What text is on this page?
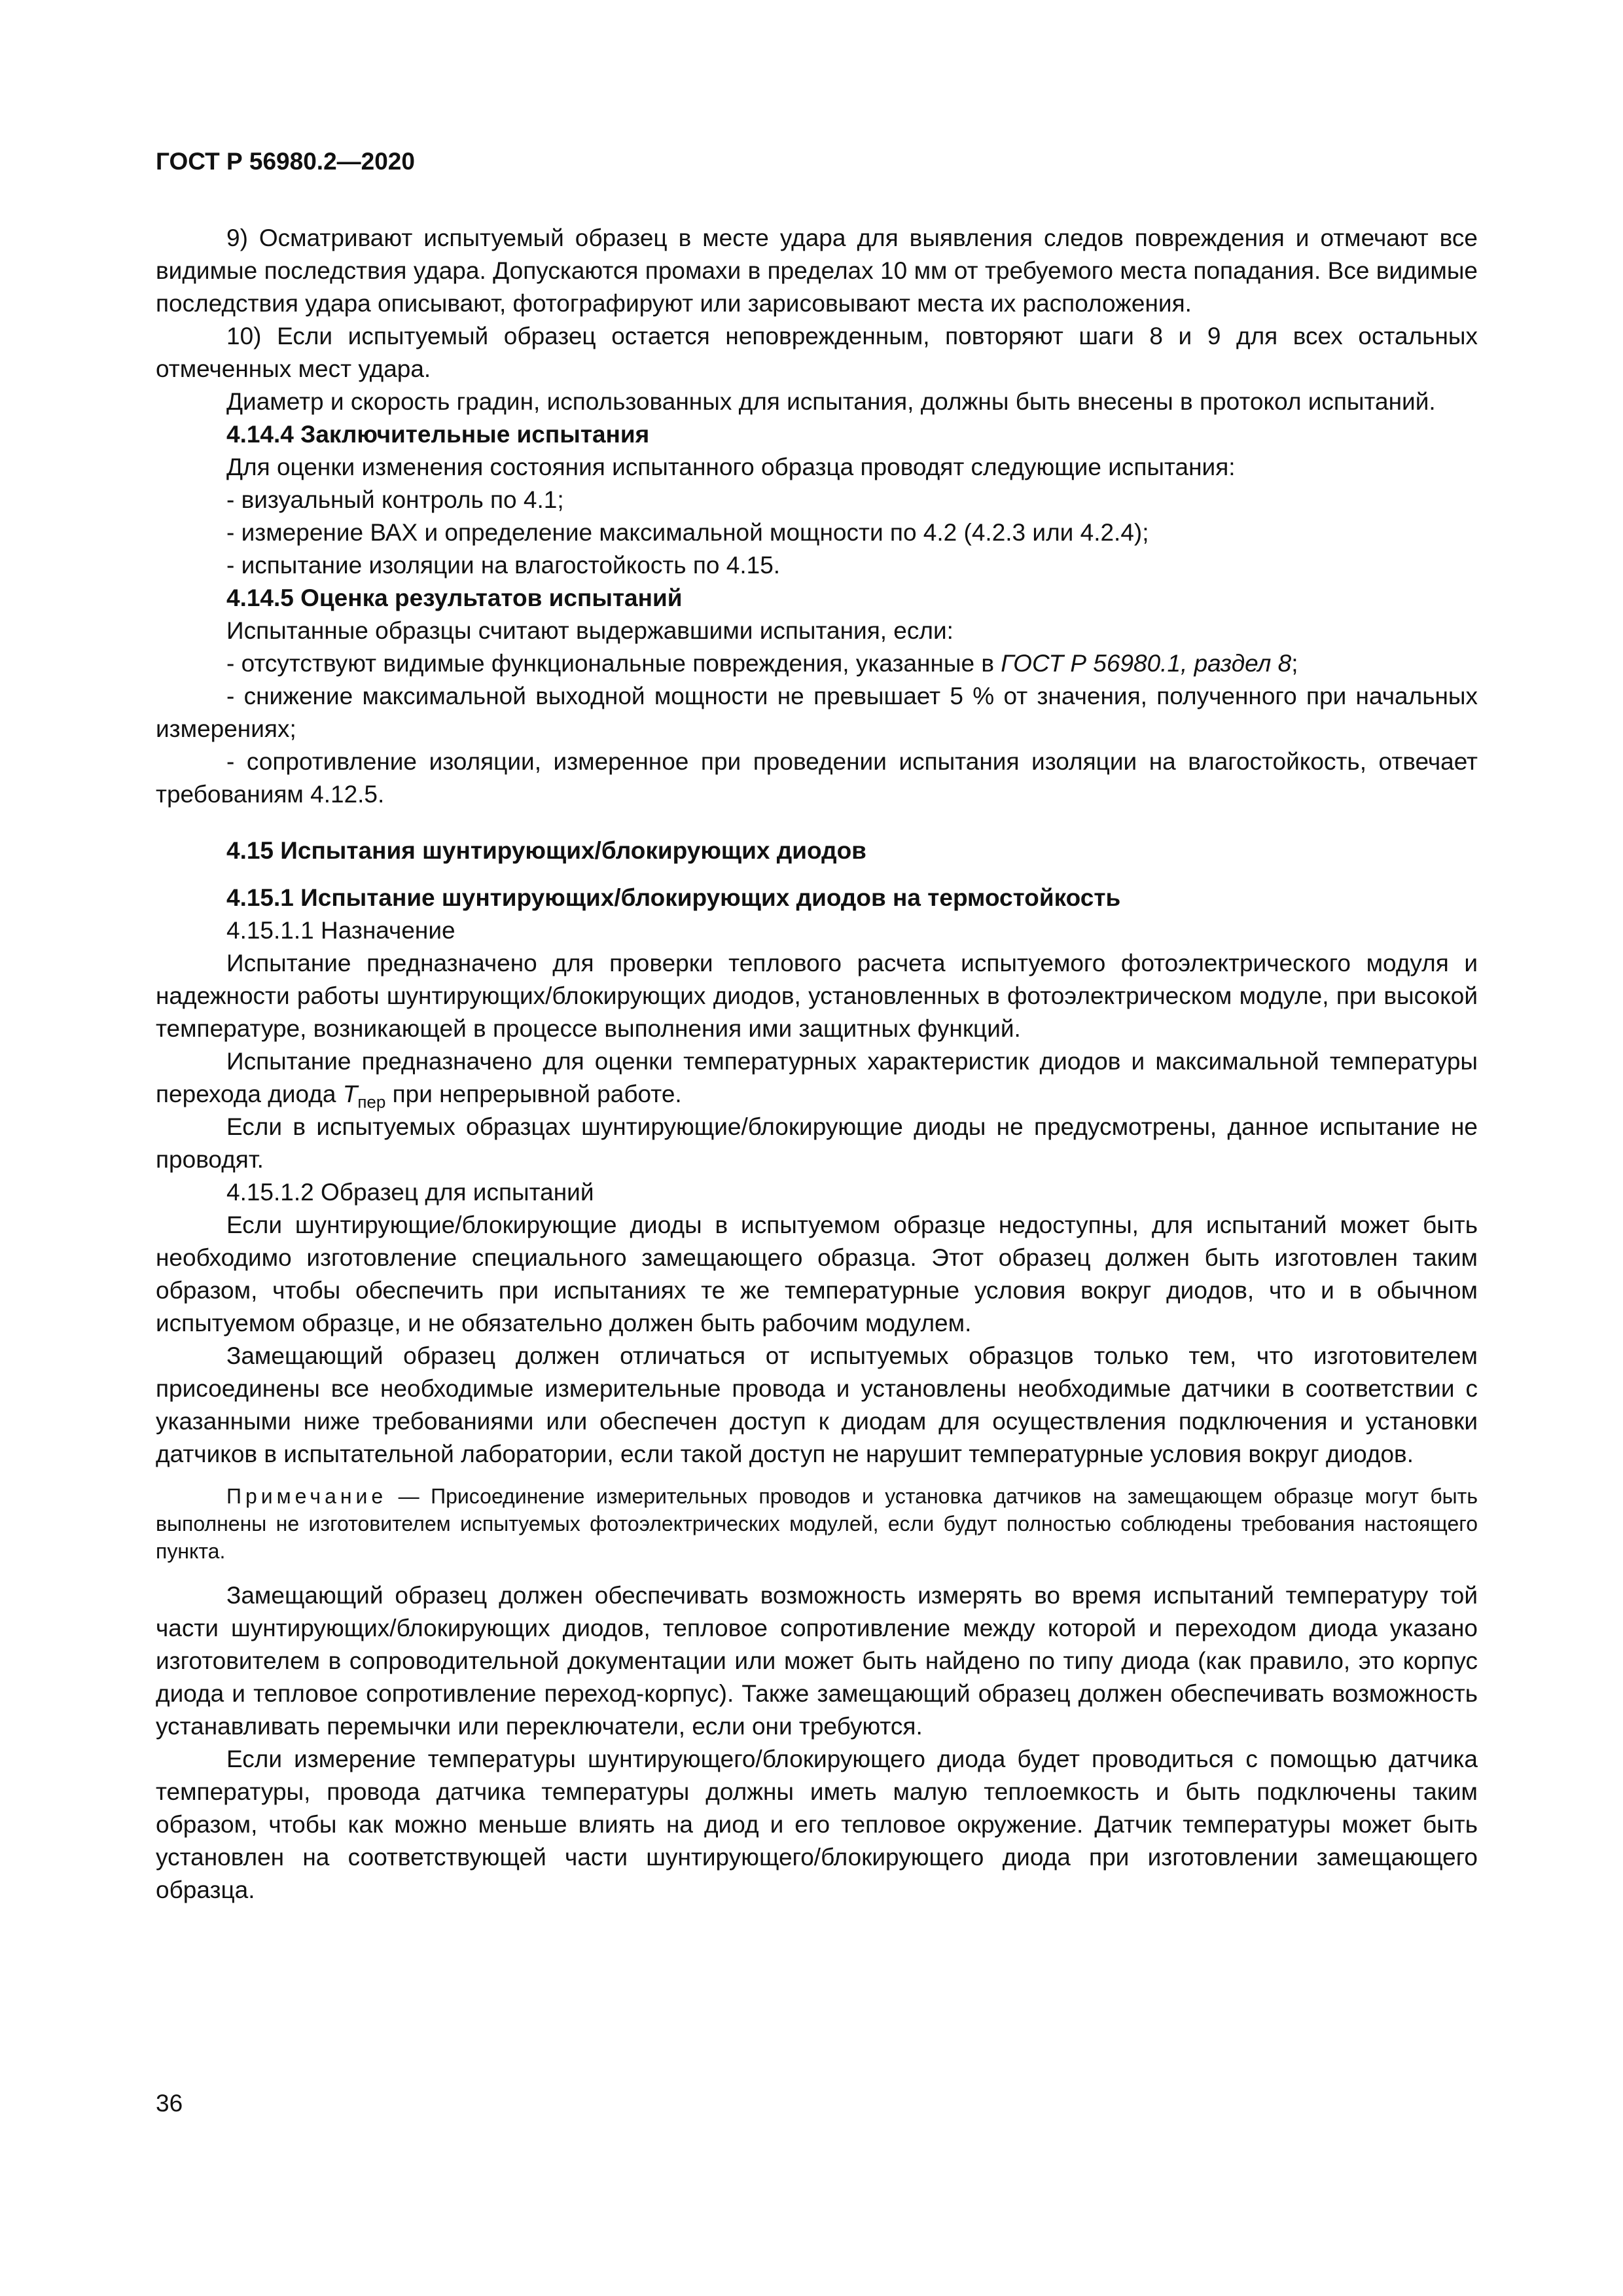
ГОСТ Р 56980.2—2020

9) Осматривают испытуемый образец в месте удара для выявления следов повреждения и отмечают все видимые последствия удара. Допускаются промахи в пределах 10 мм от требуемого места попадания. Все видимые последствия удара описывают, фотографируют или зарисовывают места их расположения.

10) Если испытуемый образец остается неповрежденным, повторяют шаги 8 и 9 для всех остальных отмеченных мест удара.

Диаметр и скорость градин, использованных для испытания, должны быть внесены в протокол испытаний.

4.14.4 Заключительные испытания

Для оценки изменения состояния испытанного образца проводят следующие испытания:

- визуальный контроль по 4.1;
- измерение ВАХ и определение максимальной мощности по 4.2 (4.2.3 или 4.2.4);
- испытание изоляции на влагостойкость по 4.15.
4.14.5 Оценка результатов испытаний

Испытанные образцы считают выдержавшими испытания, если:

- отсутствуют видимые функциональные повреждения, указанные в ГОСТ Р 56980.1, раздел 8;
- снижение максимальной выходной мощности не превышает 5 % от значения, полученного при начальных измерениях;
- сопротивление изоляции, измеренное при проведении испытания изоляции на влагостойкость, отвечает требованиям 4.12.5.
4.15 Испытания шунтирующих/блокирующих диодов
4.15.1 Испытание шунтирующих/блокирующих диодов на термостойкость
4.15.1.1 Назначение

Испытание предназначено для проверки теплового расчета испытуемого фотоэлектрического модуля и надежности работы шунтирующих/блокирующих диодов, установленных в фотоэлектрическом модуле, при высокой температуре, возникающей в процессе выполнения ими защитных функций.

Испытание предназначено для оценки температурных характеристик диодов и максимальной температуры перехода диода $T_{пер}$ при непрерывной работе.

Если в испытуемых образцах шунтирующие/блокирующие диоды не предусмотрены, данное испытание не проводят.

4.15.1.2 Образец для испытаний

Если шунтирующие/блокирующие диоды в испытуемом образце недоступны, для испытаний может быть необходимо изготовление специального замещающего образца. Этот образец должен быть изготовлен таким образом, чтобы обеспечить при испытаниях те же температурные условия вокруг диодов, что и в обычном испытуемом образце, и не обязательно должен быть рабочим модулем.

Замещающий образец должен отличаться от испытуемых образцов только тем, что изготовителем присоединены все необходимые измерительные провода и установлены необходимые датчики в соответствии с указанными ниже требованиями или обеспечен доступ к диодам для осуществления подключения и установки датчиков в испытательной лаборатории, если такой доступ не нарушит температурные условия вокруг диодов.

Примечание — Присоединение измерительных проводов и установка датчиков на замещающем образце могут быть выполнены не изготовителем испытуемых фотоэлектрических модулей, если будут полностью соблюдены требования настоящего пункта.

Замещающий образец должен обеспечивать возможность измерять во время испытаний температуру той части шунтирующих/блокирующих диодов, тепловое сопротивление между которой и переходом диода указано изготовителем в сопроводительной документации или может быть найдено по типу диода (как правило, это корпус диода и тепловое сопротивление переход-корпус). Также замещающий образец должен обеспечивать возможность устанавливать перемычки или переключатели, если они требуются.

Если измерение температуры шунтирующего/блокирующего диода будет проводиться с помощью датчика температуры, провода датчика температуры должны иметь малую теплоемкость и быть подключены таким образом, чтобы как можно меньше влиять на диод и его тепловое окружение. Датчик температуры может быть установлен на соответствующей части шунтирующего/блокирующего диода при изготовлении замещающего образца.

36
